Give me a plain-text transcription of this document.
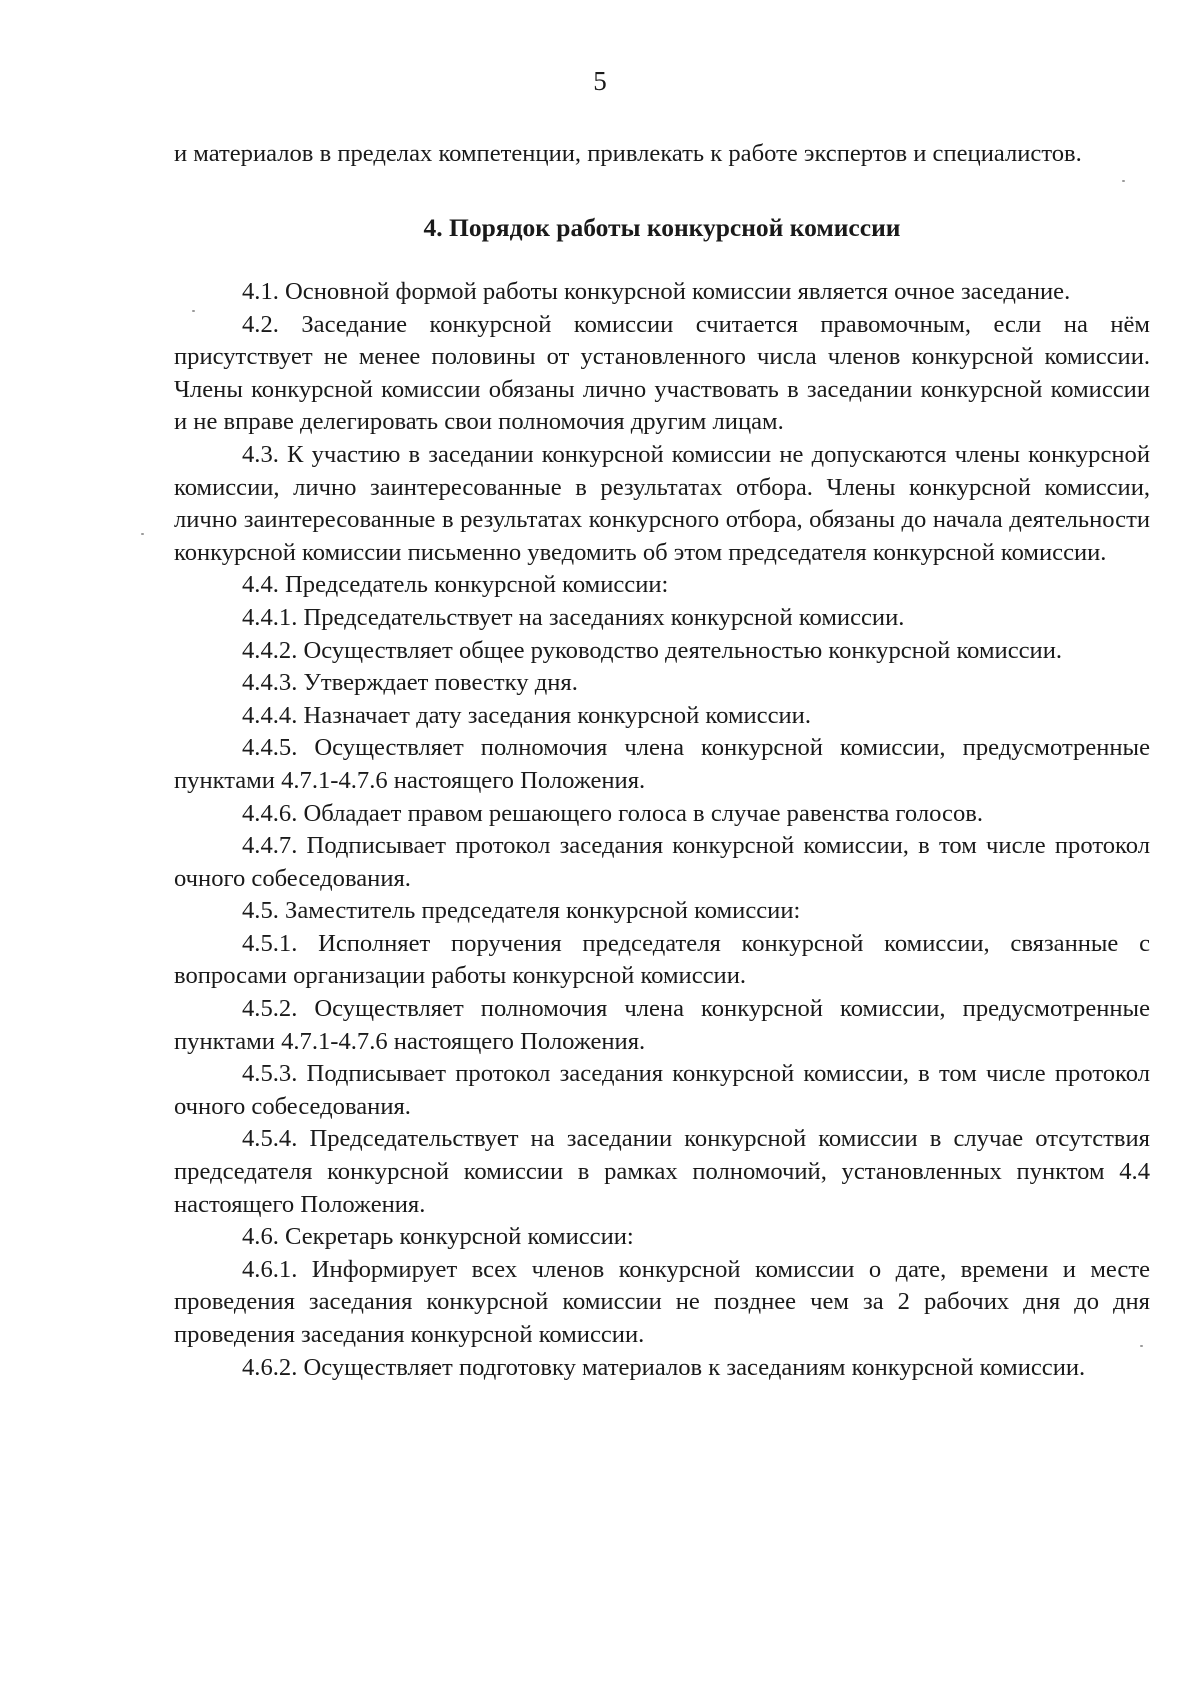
5

и материалов в пределах компетенции, привлекать к работе экспертов и специалистов.

4. Порядок работы конкурсной комиссии

4.1. Основной формой работы конкурсной комиссии является очное заседание.

4.2. Заседание конкурсной комиссии считается правомочным, если на нём присутствует не менее половины от установленного числа членов конкурсной комиссии. Члены конкурсной комиссии обязаны лично участвовать в заседании конкурсной комиссии и не вправе делегировать свои полномочия другим лицам.

4.3. К участию в заседании конкурсной комиссии не допускаются члены конкурсной комиссии, лично заинтересованные в результатах отбора. Члены конкурсной комиссии, лично заинтересованные в результатах конкурсного отбора, обязаны до начала деятельности конкурсной комиссии письменно уведомить об этом председателя конкурсной комиссии.

4.4. Председатель конкурсной комиссии:

4.4.1. Председательствует на заседаниях конкурсной комиссии.

4.4.2. Осуществляет общее руководство деятельностью конкурсной комиссии.

4.4.3. Утверждает повестку дня.

4.4.4. Назначает дату заседания конкурсной комиссии.

4.4.5. Осуществляет полномочия члена конкурсной комиссии, предусмотренные пунктами 4.7.1-4.7.6 настоящего Положения.

4.4.6. Обладает правом решающего голоса в случае равенства голосов.

4.4.7. Подписывает протокол заседания конкурсной комиссии, в том числе протокол очного собеседования.

4.5. Заместитель председателя конкурсной комиссии:

4.5.1. Исполняет поручения председателя конкурсной комиссии, связанные с вопросами организации работы конкурсной комиссии.

4.5.2. Осуществляет полномочия члена конкурсной комиссии, предусмотренные пунктами 4.7.1-4.7.6 настоящего Положения.

4.5.3. Подписывает протокол заседания конкурсной комиссии, в том числе протокол очного собеседования.

4.5.4. Председательствует на заседании конкурсной комиссии в случае отсутствия председателя конкурсной комиссии в рамках полномочий, установленных пунктом 4.4 настоящего Положения.

4.6. Секретарь конкурсной комиссии:

4.6.1. Информирует всех членов конкурсной комиссии о дате, времени и месте проведения заседания конкурсной комиссии не позднее чем за 2 рабочих дня до дня проведения заседания конкурсной комиссии.

4.6.2. Осуществляет подготовку материалов к заседаниям конкурсной комиссии.
